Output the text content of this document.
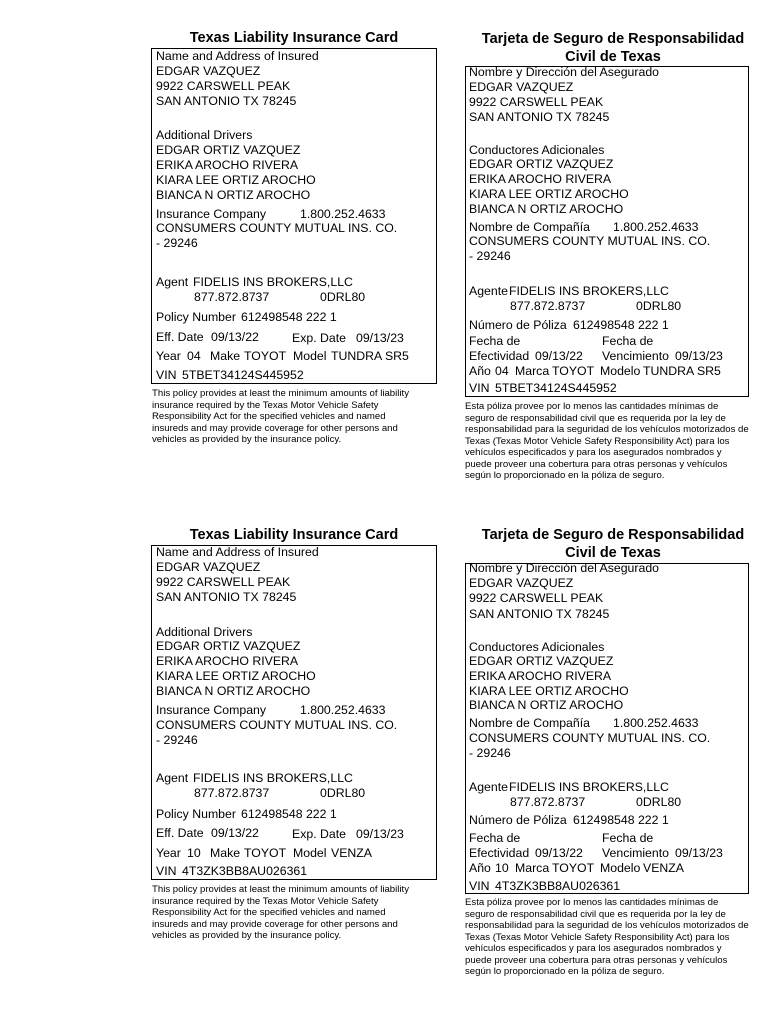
Texas Liability Insurance Card
Name and Address of Insured
EDGAR VAZQUEZ
9922 CARSWELL PEAK
SAN ANTONIO TX 78245
Additional Drivers
EDGAR ORTIZ VAZQUEZ
ERIKA AROCHO RIVERA
KIARA LEE ORTIZ AROCHO
BIANCA N ORTIZ AROCHO
Insurance Company	1.800.252.4633
CONSUMERS COUNTY MUTUAL INS. CO.
- 29246
Agent FIDELIS INS BROKERS,LLC
877.872.8737	0DRL80
Policy Number 612498548 222 1
Eff. Date 09/13/22	Exp. Date 09/13/23
Year 04 Make TOYOT Model TUNDRA SR5
VIN 5TBET34124S445952
This policy provides at least the minimum amounts of liability insurance required by the Texas Motor Vehicle Safety Responsibility Act for the specified vehicles and named insureds and may provide coverage for other persons and vehicles as provided by the insurance policy.
Tarjeta de Seguro de Responsabilidad Civil de Texas
Nombre y Dirección del Asegurado
EDGAR VAZQUEZ
9922 CARSWELL PEAK
SAN ANTONIO TX 78245
Conductores Adicionales
EDGAR ORTIZ VAZQUEZ
ERIKA AROCHO RIVERA
KIARA LEE ORTIZ AROCHO
BIANCA N ORTIZ AROCHO
Nombre de Compañía 1.800.252.4633
CONSUMERS COUNTY MUTUAL INS. CO.
- 29246
Agente FIDELIS INS BROKERS,LLC
877.872.8737	0DRL80
Número de Póliza 612498548 222 1
Fecha de
Efectividad 09/13/22
Fecha de
Vencimiento 09/13/23
Año 04 Marca TOYOT Modelo TUNDRA SR5
VIN 5TBET34124S445952
Esta póliza provee por lo menos las cantidades mínimas de seguro de responsabilidad civil que es requerida por la ley de responsabilidad para la seguridad de los vehículos motorizados de Texas (Texas Motor Vehicle Safety Responsibility Act) para los vehículos especificados y para los asegurados nombrados y puede proveer una cobertura para otras personas y vehículos según lo proporcionado en la póliza de seguro.
Texas Liability Insurance Card
Name and Address of Insured
EDGAR VAZQUEZ
9922 CARSWELL PEAK
SAN ANTONIO TX 78245
Additional Drivers
EDGAR ORTIZ VAZQUEZ
ERIKA AROCHO RIVERA
KIARA LEE ORTIZ AROCHO
BIANCA N ORTIZ AROCHO
Insurance Company	1.800.252.4633
CONSUMERS COUNTY MUTUAL INS. CO.
- 29246
Agent FIDELIS INS BROKERS,LLC
877.872.8737	0DRL80
Policy Number 612498548 222 1
Eff. Date 09/13/22	Exp. Date 09/13/23
Year 10 Make TOYOT Model VENZA
VIN 4T3ZK3BB8AU026361
This policy provides at least the minimum amounts of liability insurance required by the Texas Motor Vehicle Safety Responsibility Act for the specified vehicles and named insureds and may provide coverage for other persons and vehicles as provided by the insurance policy.
Tarjeta de Seguro de Responsabilidad Civil de Texas
Nombre y Dirección del Asegurado
EDGAR VAZQUEZ
9922 CARSWELL PEAK
SAN ANTONIO TX 78245
Conductores Adicionales
EDGAR ORTIZ VAZQUEZ
ERIKA AROCHO RIVERA
KIARA LEE ORTIZ AROCHO
BIANCA N ORTIZ AROCHO
Nombre de Compañía 1.800.252.4633
CONSUMERS COUNTY MUTUAL INS. CO.
- 29246
Agente FIDELIS INS BROKERS,LLC
877.872.8737	0DRL80
Número de Póliza 612498548 222 1
Fecha de
Efectividad 09/13/22
Fecha de
Vencimiento 09/13/23
Año 10 Marca TOYOT Modelo VENZA
VIN 4T3ZK3BB8AU026361
Esta póliza provee por lo menos las cantidades mínimas de seguro de responsabilidad civil que es requerida por la ley de responsabilidad para la seguridad de los vehículos motorizados de Texas (Texas Motor Vehicle Safety Responsibility Act) para los vehículos especificados y para los asegurados nombrados y puede proveer una cobertura para otras personas y vehículos según lo proporcionado en la póliza de seguro.
